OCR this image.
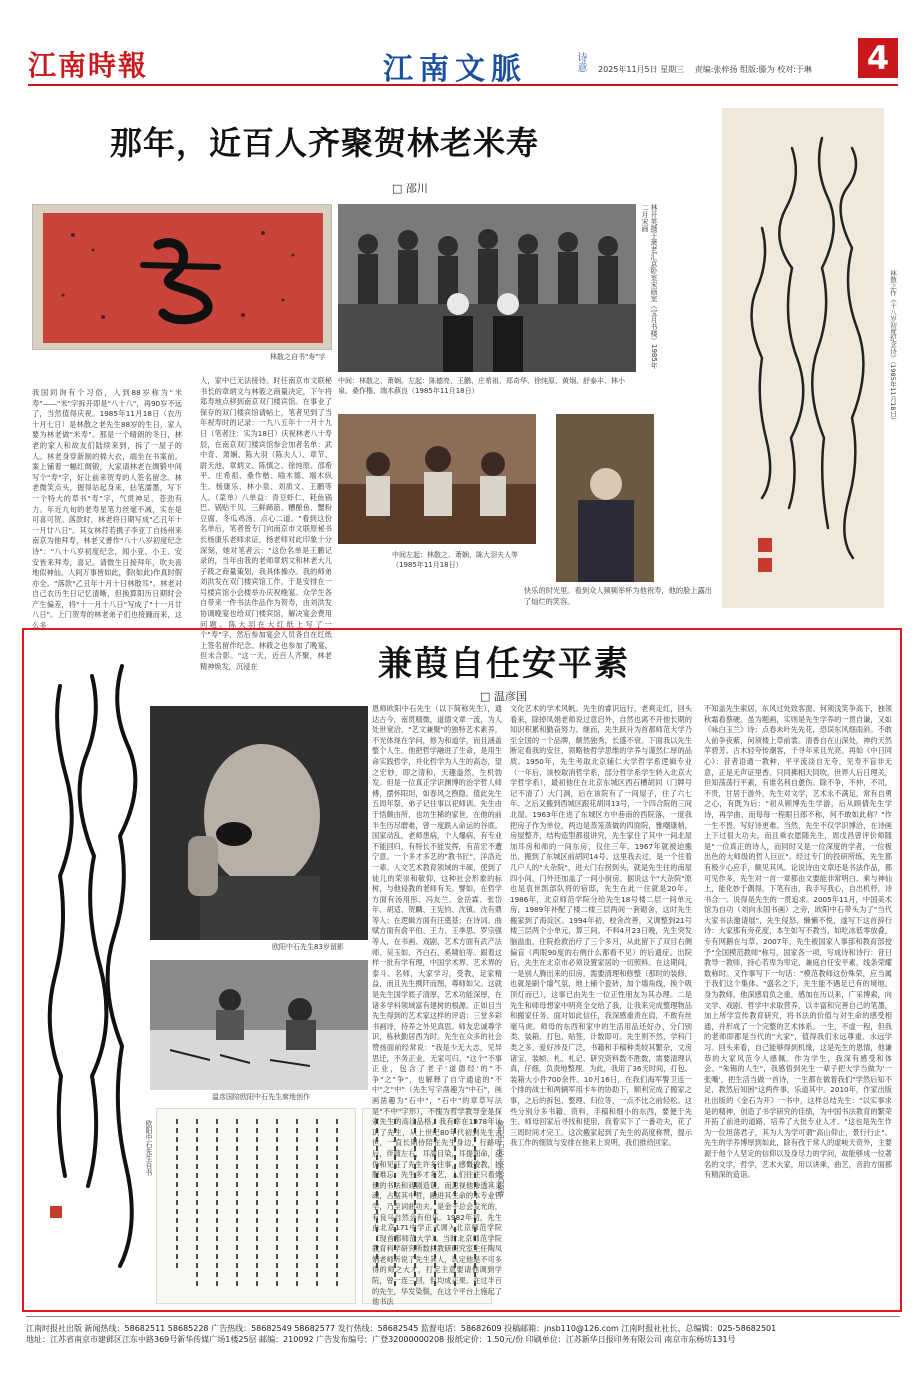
江南時報	江南文脈	诗意 2025年11月5日 星期三 责编:张梓扬 组版:滕为 校对:于琳 4
那年，近百人齐聚贺林老米寿
□ 邵川
林散之自书"寿"字
中间：林散之、萧娴。左起：陈德亮、王鹏、庄希祖、郑奇华、徐纯原、黄炯、舒泰丰、林小泉、桑作楷、端木蕻良（1985年11月18日）
中间左起：林散之、萧娴、陈大羽夫人等（1985年11月18日）
林开英摄于萧老汇京卧室宋画室（宝月书楼）1985年二月宋画
林散之作《十八岁初度纪念诗》（1985年11月18日）
我国同询有个习俗，人到88岁称为"米寿"——"米"字拆开即是"八十八"，再90岁不远了，当然值得庆祝。1985年11月18日（农历十月七日）是林散之老先生88岁的生日，家人要为林老做"米寿"。那是一个晴朗的冬日，林老的家人和故友们陆续来到，拆了一屋子的人。林老身穿新制的棉大衣，端坐在书案前。案上铺着一幅红绸锻，大家请林老在绸锻中间写个"寿"字，好让前来贺寿的人签名留念。林老微笑点头，握得站起身来，拈笔濡墨，写下一个特大的草书"寿"字，气贯神足，苍劲有力。年近九旬的老寿星笔力丝毫不减，实在是可喜可贺。落款时，林老将日期写成"乙丑年十一月廿八日"。其女林荇若携子李亚丁自扬州来南京为他拜寿，林老又書作"八十八岁初度纪念诗"："八十八岁初度纪念，闻小亚、小王、安安皆来拜寿，喜记。请微生日接拜年，吹夫喜地似神仙。人间万事皆如此，假(如此)作真时假亦全。"落款"乙丑年十月十日林散耳"。林老对自己农历生日记忆清晰，但换算阳历日期时会产生偏差，将"十一月十八日"写成了"十一月廿八日"。上门贺寿的林老弟子们也接踵而来，这么多
人，家中已无法接待。时任南京市文联秘书长的章炳文与林筱之商量决定，下午将郑寿地点移到南京双门楼宾馆。在事业了保存的双门楼宾馆请帖上，笔者见到了当年祝寿时的记录：一九八五年十一月十九日（笔者注：实为18日）庆祝林老八十寿辰，在南京双门楼宾馆参会加者名单：武中奇、萧娴、陈大羽（陈夫人）、章节、尉天池、章炳文、陈慎之、徐纯原、邵希平、庄希祖、桑作楷、喻木德、端木纵生、杨康乐、林小泉、刘质文、王鹏等人。（菜单）八单益：青豆虾仁、耗鱼锅巴、锅贴干贝、三鲜蹄筋、糟酿鱼、蟹粉豆腐、冬瓜鸡汤、点心二道。"看到这份名单后，笔者曾专门向南京市文联原秘书长杨康乐老师求证，杨老师对此印象十分深刻，她对笔者云："这份名单是王鹏记录的，当年由我的老师章炳文和林老大儿子筱之商量策划，我具体操办。我的师弟刘洪发在双门楼宾馆工作，于是安排在一号楼宾馆小会楼举办庆祝晚宴。众学生各自带来一件书法作品作为贺寿，由刘洪发协调晚宴也给双门楼宾馆，解决宴会费用问题。陈大羽在大红纸上写了一个"寿"字，然后参加宴会人员各自在红纸上签名留作纪念。林筱之也参加了晚宴，但未合影。"这一天，近百人齐聚，林老精神焕发，沉浸在
快乐的时光里。看到众人频频举杯为他祝寿，他的脸上露出了灿烂的笑容。
兼葭自任安平素
□ 温彦国
欧阳中石先生83岁留影
温彦国陪欧阳中石先生席地创作
欧阳中石先生自书	欧阳中石先生录吴昌硕诗
恩师欧阳中石先生（以下简称先生），通达古今，南贯精微，道德文章一流，为人处世宽洽，"艺文兼聚"的独特艺术素养，不光体现在学问，修为和道学，而且涵盖整个人生。他把哲学融进了生命，是用生命实践哲学，并化哲学为人生的高态，望之宏妙，即之清和，天趣盎然，生机勃发。但是一位真正学识渊博的治学哲人师傅，摆怀阳坦，如春风之煦隐。值此先生五周年祭，弟子记往事以祀师训。先生由于悟颇由所，也坊生稀的家世，在他的前半生历尽磨难，曾一度跌入命运的谷底。国家动乱，老师患病，个人爆病，有专业不能回归，有特长不能发挥，有苗宏不遭宁意。一个多才多艺的"教书匠"，洋洛近一辈。人文艺术教育领域的丰硕，使到了徒儿的荣崇和敬仰，这种社会形象的标树，与他侵教的老师有关。譬如，在哲学方面有汤用彤、冯友兰、金岳霖、张岱年、胡适、贺麟、王宪钧、沈镇、沈有鼎等人；在逻辑方面有汪奠基；在诗词、曲赋方面有俞平伯、王力、王季思、罗宗强等人，在书画、戏剧、艺术方面有武产法师、吴玉如、齐白石、奚啸伯等。跟着这样一批有学有理，中国学术界、艺术界的泰斗、名师，大家学习，受教，足家精益，而且先生携阡而图，尊师如父。这就是先生国学底子清厚，艺术功能深厚，在诸多学科领域富有建树的根源。正如目当先生得到的艺术家这样的评语：三堂多彩书画诗，持养之外见真思。师友忠诚尊学识，栋秋勤居西为时。先生在众多的社会赞扬面前经常说："我是少无大志，见异思迁，不务正业，无家可归，"这个"不事正业，包含了老子'道德经'的"不争"之"争"，也解释了自守通途的"不中"之"中"（先生写字凿趣为"中石"，画画凿趣为"石中"，"石中"的章草写法是"不中"字形），不愧为哲学教导金是探索先生的高诠品格。我有幸在1978年认识了先生，从上世纪80年代初到先生去世，一直长期侍陪在先生身边，行路听后，伴随左右，耳濡目染，耳提面命，获仍和见证了先生许多往事，感慨俊教，折服难忘。先生多才多艺，人们往往只看到他的书法和戏剧造诣，而忽视他渗透其灵魂，占据其中哲，融进其生命的本专业哲学，乃至词曲功夫。是金子总会发光的，有良马自然会有伯乐。1982年初，先生由北京171中学正式调入北京师范学院（现首都师范大学）。当时北京师范学院教育科学研究所数材教研研究室主任陶凤娟老师听说了先生其人，认定他是不可多得的师之大才，打定主意要请他调到学院，曾一连三回，但均成正果。在过半百的先生，华发染鬓，在这个平台上施起了他书法
文化艺术的学术风帆。先生的睿识远行，老爽走红，回头看来，除掉凤娟老师说过意启外，自然也离不开他长期的知识积累和勤奋努力。继而，先生跃升为首都师范大学乃至全国的一个品牌，颇然独秀，长盛不衰。下面我以先生断定看我的安住，领略他哲学思维的学养与谨然仁厚的品质。1950年，先生考取北京辅仁大学哲学系逻辑专业（一年后，该校取消哲学系，部分哲学系学生转入北京大学哲学系），最初他住在北京东城区西石槽胡同（门牌号记不清了）大门洞，后在该院有了一间屋子，住了六七年。之后又搬到西城区跟花胡同13号，一个四合院的三间北屋。1963年住进了东城区方中巷南的西院落，一度我把房子作为单位，两边是蒸笼蒸做的四面院，雅嘲康梢，房屋整齐，结构造型都很讲究，先生家住了其中一间北屋加耳房和师的一间东房，仅住三年，1967年就被迫搬出，搬到了东城区前胡同14号。这里我去过，是一个住着几户人的"大杂院"，进大门右拐到头，就是先生住的南屋四小间，门外还加盖了一间小厨房。据说这个"大杂院"原也是袁世凯部队将的宿邸，先生在此一住就是20年。1986年，北京师范学院分给先生18号楼二层一间单元房，1989年补配了楼二楼三层两间一套砌舍，这时先生搬家到了海淀区。1994年初，校舍改善，又调整到21号楼三层两个小单元，算三间。不料4月23日晚，先生突发脑溢血，住院抢救治疗了三个多月，从此留下了双目右侧偏盲（两眼90度的右侧什么都看不见）的后遗症。出院后，先生在北京市必须设置家居的一切照料。在这期间，一是别人腾出来的旧房，需要清理和修整（那时的装修，也就是刷个墙气氛，地上铺个瓷砖，加个墙角线，换个吸顶灯而已），这事已由先生一位正性朋友为其办理。二是先生和师母想家中明亮全交给了我，让我来完成整理物品和搬家任务。面对如此信任，我深感重责在肩，不敢有丝毫马虎。师母的东西和家中的生活用品还好办，分门别类、装箱、打包、贴签，计数即可。先生则不然，学科门类之多，爱好涉及广泛，书籍和手稿种类较其繁杂，文房诸宝，装帧、札、札记、研究资料数不胜数，需要清理认真，仔细，负责地整理。为此，我用了36天时间，打包、装箱大小件700余件。10月16日，在我们海军警卫连一个排的战士和两辆军用卡车的协助下，顺利完成了搬家之事，之后的拆包、整理、归位等，一点不比之前轻松。这些分别分多书籍、资料，手稿和细小的东西，要便于先生、师母回家后寻找和使用，我着实下了一番功夫，花了三周时间才完工。这次搬家起到了先生的高度称赞，提示我工作的细致与安排在他来上说明，我们推给回家。
不知盖先生索居，东风过处致客窗。何须浅笑争高下，独领秋霜看蔡硬。虽为题画，实则是先生学养的一贯自谦，又如《咏白玉兰》诗：点春未叶先先花，恐误东风细雨斜。不敢人前争夜紫，何须楼上草前裳。清香自在山深处，神约天然苹碧芳。古木轻夸传潮客，千寻年来且光亮。再如《中日同心》：昔者语通一教种，平平流淡自无夸，见寿不盲非无意，正是无声证里香。只同拂相天同吹，世界人后日理关，但知荡荡行平素，有谁名利自惫伤。除不争，不仲，不司，不贵，甘居于游外，先生对文学，艺术永不满足，常有自勇之心，有既为后："初从顾博先生学游，后从顾倩先生学诗，再学曲，而每每一程眼日郎不称，何不敢如此称？"作一生不畏，写好诗更难。当然，先生不仅学识博洽，在诗画上下过很大功夫，而且乘衣愿随先生，周戊昌曾评价师随是"一位真正的诗人，而同时又是一位深度的学者，一位极出色的大师级的哲人巨匠"。经过专门的投研所练，先生都有极少心应手，颇见其风。论说诗由文章还是书法作品，都可见作多，先生对一首一章都由文要能非常明白。乘与神仙上，能化妙于偶得，下笔有由，我手写我心，自出机杼，诗书合一。说得是先生的一贯追求。2005年11月，中国美术馆为自功（刘向永国书画）之旁，欧阳中石带头为了"当代大家书法邀请展"，先生侵怒，懒懒不悦，遂写下这首辞行诗：大家那有旁花度，本生如写不教当，如吃冰低零放叠，专有网鹅在与草。2007年，先生被国家人事部和教育部授予"全国模范教师"称号，国家各一项，写成诗和诗行：昔日教导一教师，持心若卑为卑定，兼庭自任安平素，线条荣耀数称时。又作事写下一句话："模范教师这份殊荣，应当属于我们这个集体。"盛名之下，先生能不遇足已有的境地。身为教师，他深感肩负之重，感加在历以来，广采博索，向文学、戏剧、哲学中求取营养，以丰富和完善自己的笔墨，加上所学宣传教育研究，将书法的价值与对生命的感受相通，并形成了一个完整的艺术体系。一生，不虚一程，但我的老师即都是当代的"大家"，值得我们永远尊重、永远学习。回头来看，自己能够得到机缘，这是先生的恩情，他谦恭的大家风范令人感佩。作为学生，我深有感受和体会。"朱锡的人生"，我感悟到先生一辈子把大学当做为'一张嘴'，把生活当做一首诗，一生都在做着我们"学然后知不足，教然后知困"这两件事，乐道其中。2010年，作家出版社出版的《金石为开》一书中，这样总结先生："以实事求是的精神，创造了书学研究的佳绩，为中国书法教育的繁荣开拓了前进的道路，培养了大批专业人才。"这也是先生作为一位坦荡君子，其为人为学可谓"高山仰止，景行行止"。先生的学养博厚到如此，除有孜于常人的虚峻天资外，主要源于他个人坚定的信仰以及身尽力的学问，故能够成一位著名的文学，哲学，艺术大家，用以讲乘，曲艺，音韵方面都有精深的造诣。
江南时报社出版 新闻热线：58682511 58685228 广告热线：58682549 58682577 发行热线：58682545 监督电话：58682609 投稿邮箱：jnsb110@126.com 江南时报社社长、总编辑：025-58682501
地址：江苏省南京市建邺区江东中路369号新华传媒广场1楼25层 邮编：210092 广告发布编号：广登32000000208 报纸定价：1.50元/份 印刷单位：江苏新华日报印务有限公司 南京市东杨坊131号
